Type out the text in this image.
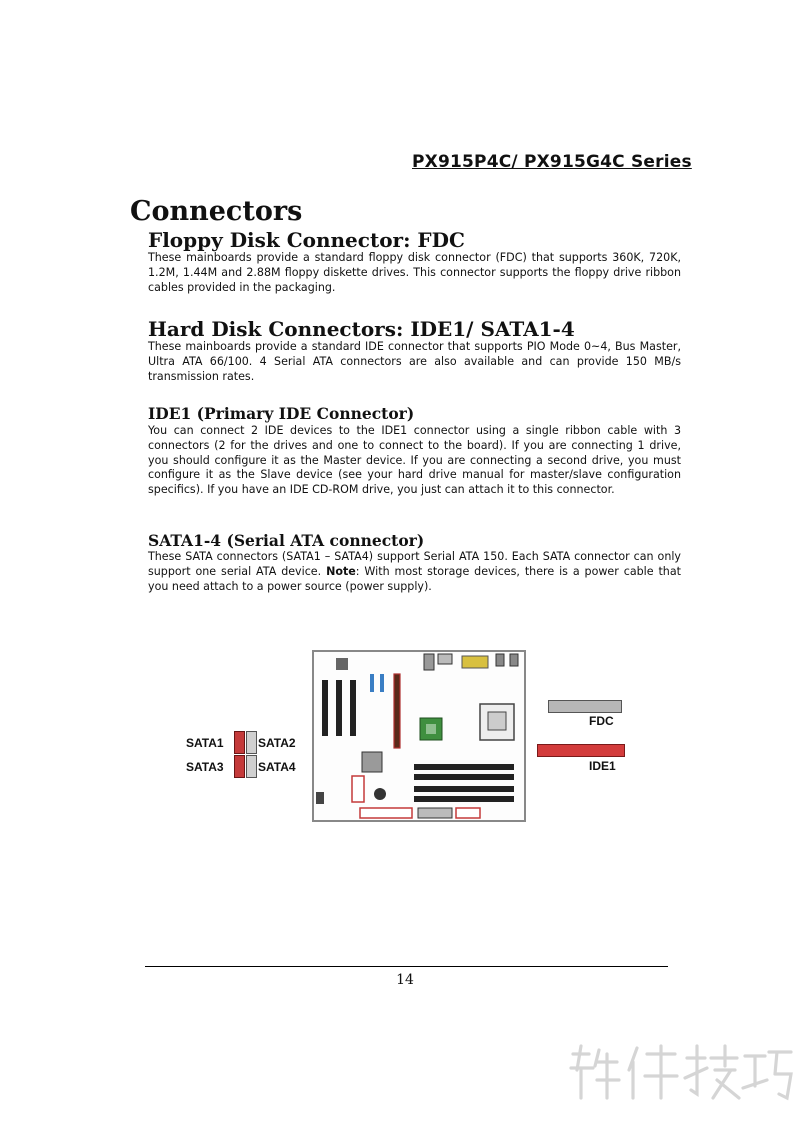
PX915P4C/ PX915G4C Series
Connectors
Floppy Disk Connector: FDC
These mainboards provide a standard floppy disk connector (FDC) that supports 360K, 720K, 1.2M, 1.44M and 2.88M floppy diskette drives. This connector supports the floppy drive ribbon cables provided in the packaging.
Hard Disk Connectors: IDE1/ SATA1-4
These mainboards provide a standard IDE connector that supports PIO Mode 0~4, Bus Master, Ultra ATA 66/100. 4 Serial ATA connectors are also available and can provide 150 MB/s transmission rates.
IDE1 (Primary IDE Connector)
You can connect 2 IDE devices to the IDE1 connector using a single ribbon cable with 3 connectors (2 for the drives and one to connect to the board). If you are connecting 1 drive, you should configure it as the Master device. If you are connecting a second drive, you must configure it as the Slave device (see your hard drive manual for master/slave configuration specifics). If you have an IDE CD-ROM drive, you just can attach it to this connector.
SATA1-4 (Serial ATA connector)
These SATA connectors (SATA1 – SATA4) support Serial ATA 150. Each SATA connector can only support one serial ATA device. Note: With most storage devices, there is a power cable that you need attach to a power source (power supply).
SATA1	SATA2
SATA3	SATA4
FDC
IDE1
14
